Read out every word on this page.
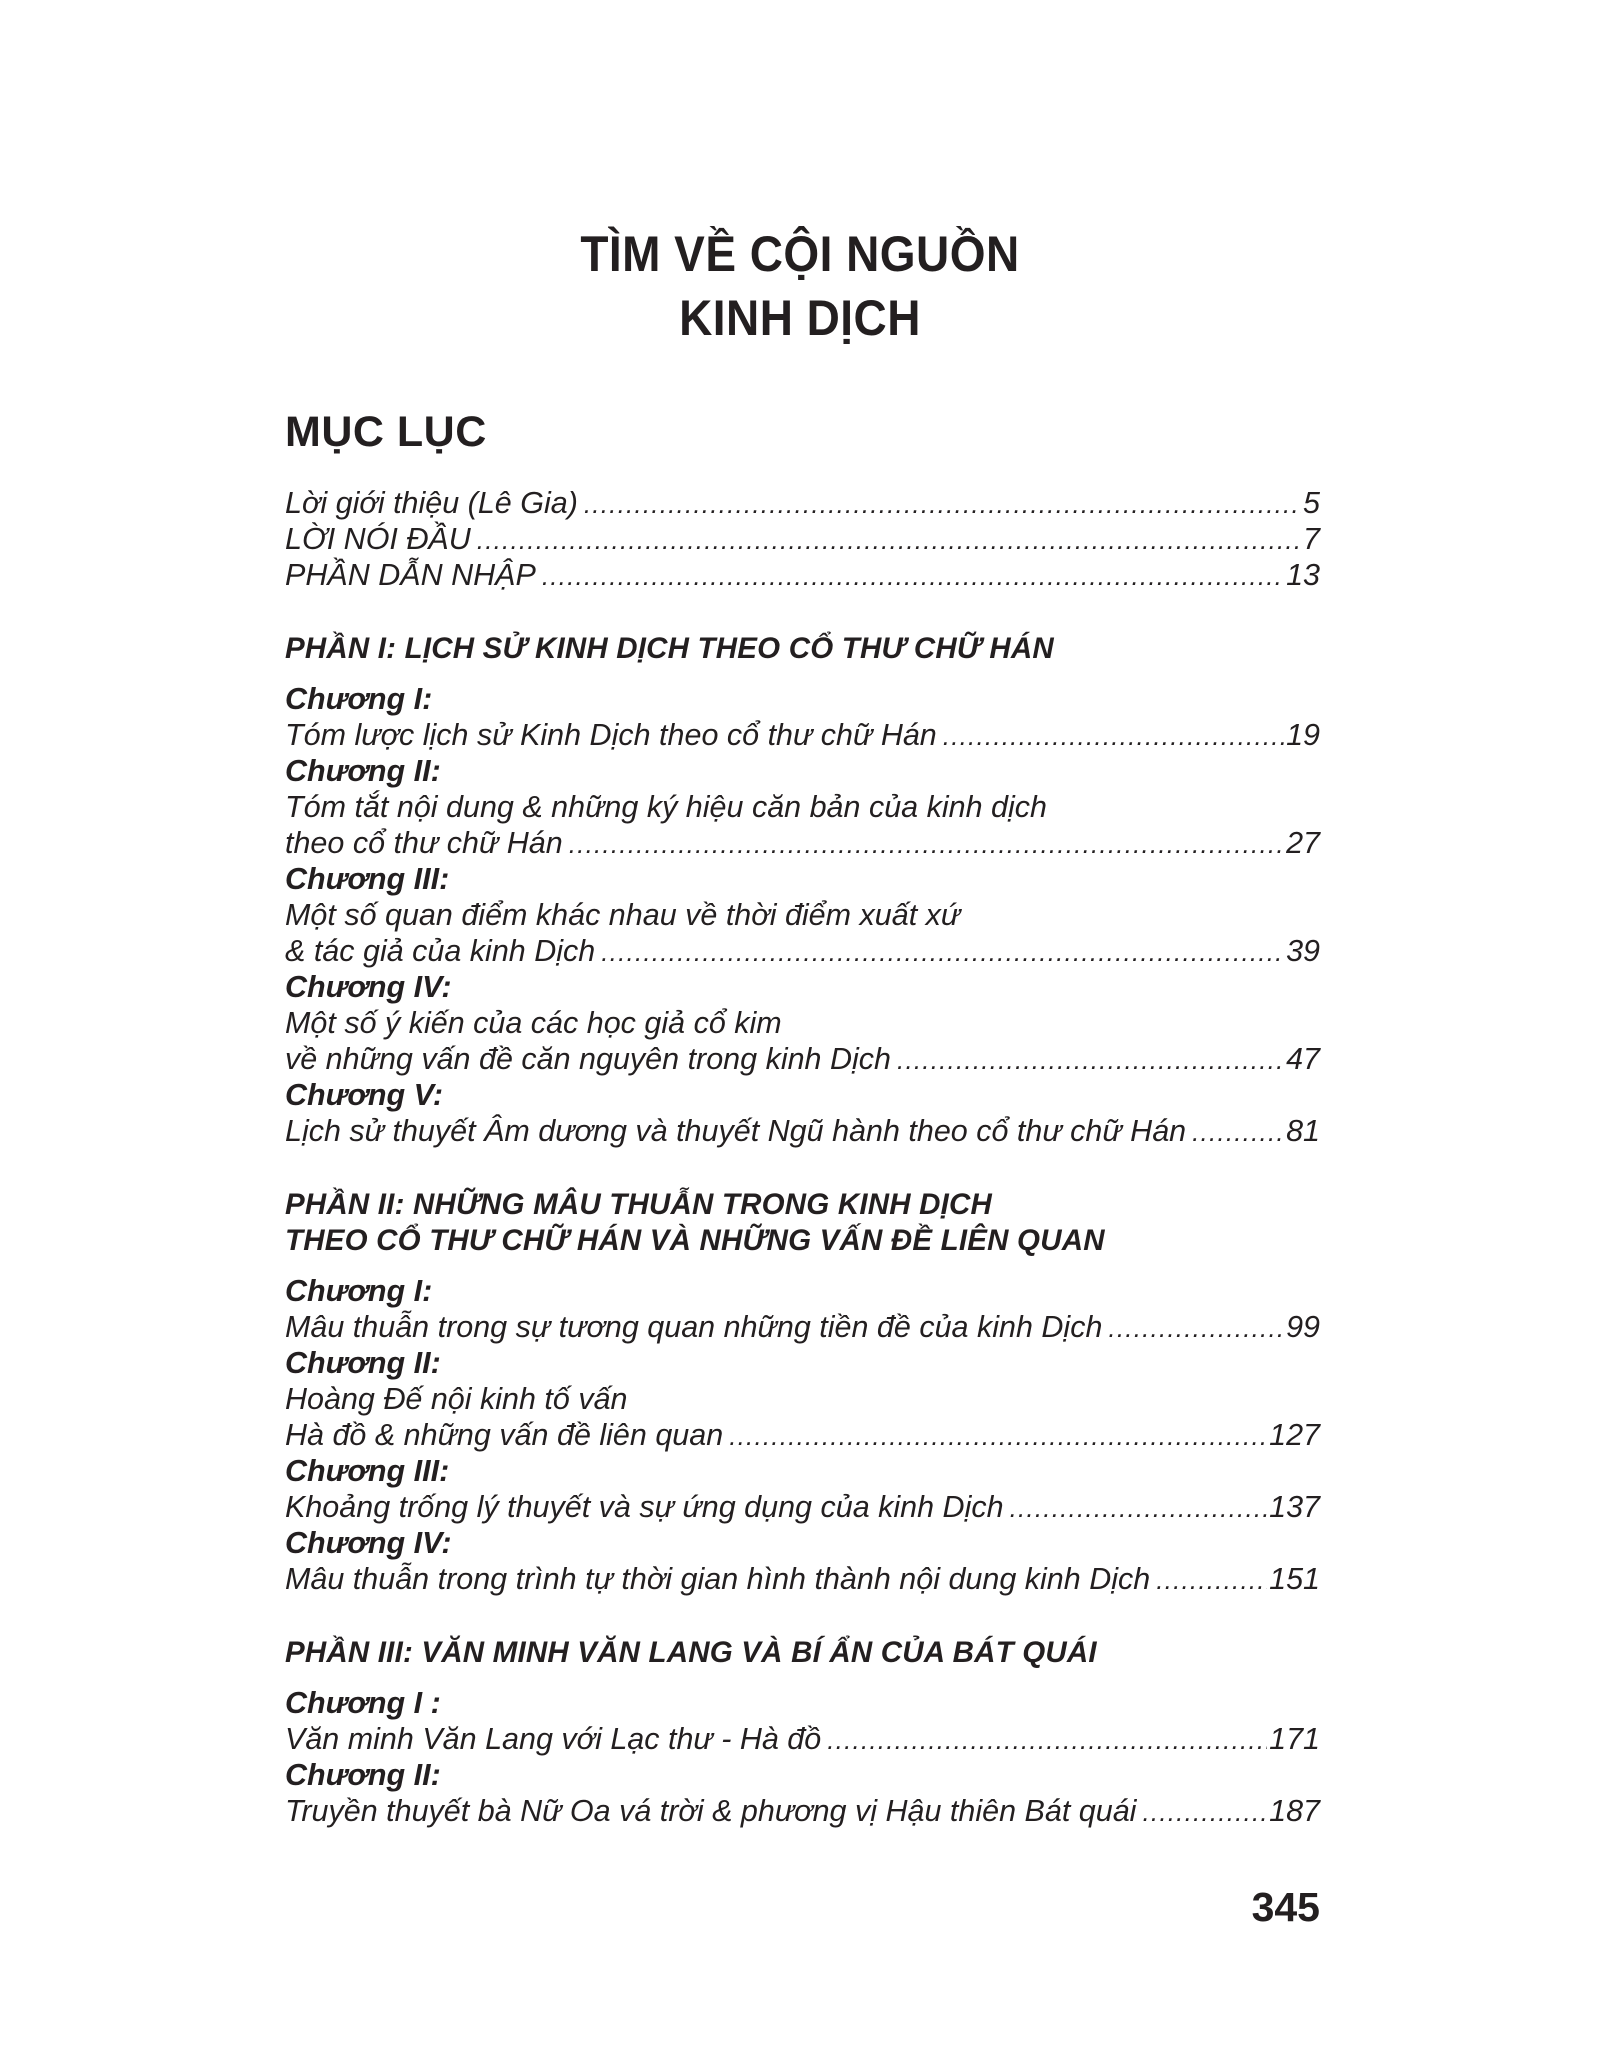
TÌM VỀ CỘI NGUỒN
KINH DỊCH
MỤC LỤC
Lời giới thiệu (Lê Gia) .....	5
LỜI NÓI ĐẦU .....	7
PHẦN DẪN NHẬP .....	13
PHẦN I: LỊCH SỬ KINH DỊCH THEO CỔ THƯ CHỮ HÁN
Chương I:
Tóm lược lịch sử Kinh Dịch theo cổ thư chữ Hán .....	19
Chương II:
Tóm tắt nội dung & những ký hiệu căn bản của kinh dịch
theo cổ thư chữ Hán .....	27
Chương III:
Một số quan điểm khác nhau về thời điểm xuất xứ
& tác giả của kinh Dịch .....	39
Chương IV:
Một số ý kiến của các học giả cổ kim
về những vấn đề căn nguyên trong kinh Dịch .....	47
Chương V:
Lịch sử thuyết Âm dương và thuyết Ngũ hành theo cổ thư chữ Hán .....	81
PHẦN II: NHỮNG MÂU THUẪN TRONG KINH DỊCH
THEO CỔ THƯ CHỮ HÁN VÀ NHỮNG VẤN ĐỀ LIÊN QUAN
Chương I:
Mâu thuẫn trong sự tương quan những tiền đề của kinh Dịch .....	99
Chương II:
Hoàng Đế nội kinh tố vấn
Hà đồ & những vấn đề liên quan .....	127
Chương III:
Khoảng trống lý thuyết và sự ứng dụng của kinh Dịch .....	137
Chương IV:
Mâu thuẫn trong trình tự thời gian hình thành nội dung kinh Dịch .....	151
PHẦN III: VĂN MINH VĂN LANG VÀ BÍ ẨN CỦA BÁT QUÁI
Chương I :
Văn minh Văn Lang với Lạc thư - Hà đồ .....	171
Chương II:
Truyền thuyết bà Nữ Oa vá trời & phương vị Hậu thiên Bát quái .....	187
345
